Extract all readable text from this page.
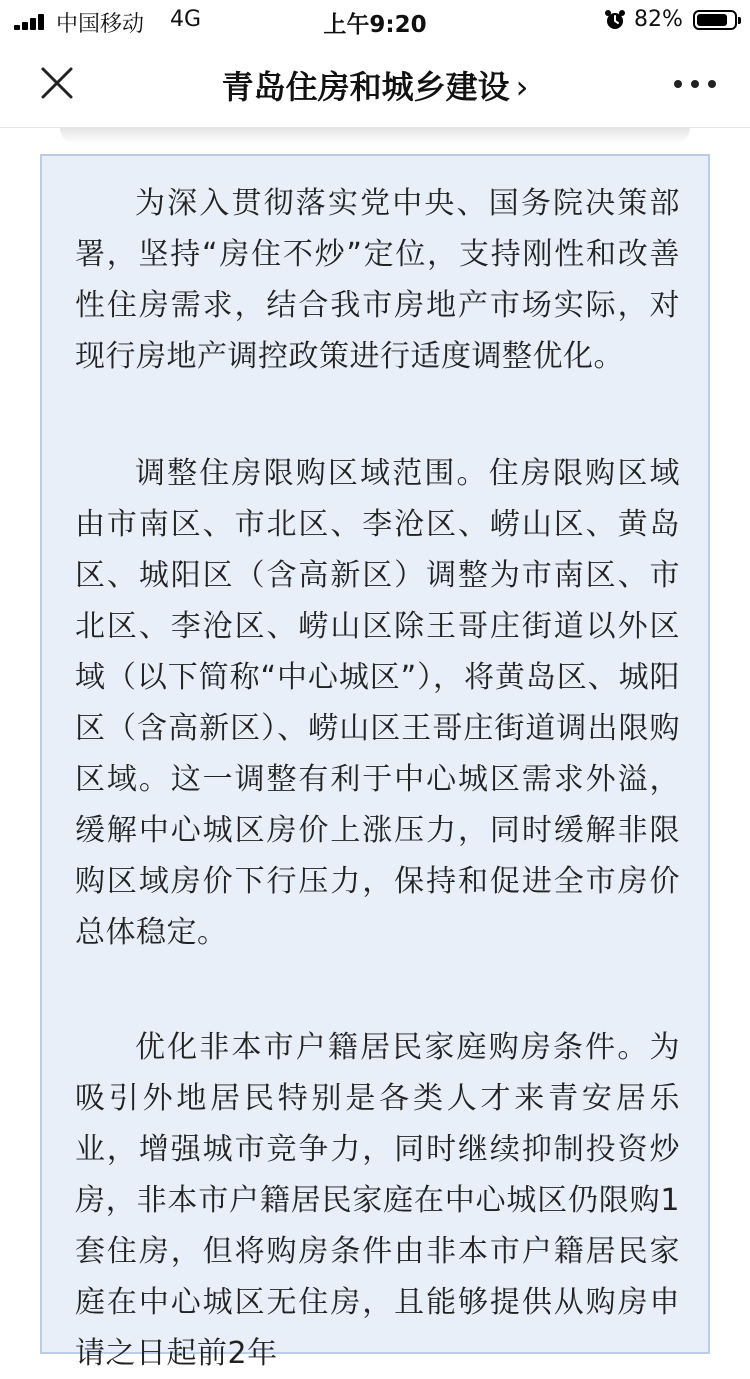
中国移动 4G	上午9:20	82%
青岛住房和城乡建设 ›

为深入贯彻落实党中央、国务院决策部署，坚持“房住不炒”定位，支持刚性和改善性住房需求，结合我市房地产市场实际，对现行房地产调控政策进行适度调整优化。

调整住房限购区域范围。住房限购区域由市南区、市北区、李沧区、崂山区、黄岛区、城阳区（含高新区）调整为市南区、市北区、李沧区、崂山区除王哥庄街道以外区域（以下简称“中心城区”），将黄岛区、城阳区（含高新区）、崂山区王哥庄街道调出限购区域。这一调整有利于中心城区需求外溢，缓解中心城区房价上涨压力，同时缓解非限购区域房价下行压力，保持和促进全市房价总体稳定。

优化非本市户籍居民家庭购房条件。为吸引外地居民特别是各类人才来青安居乐业，增强城市竞争力，同时继续抑制投资炒房，非本市户籍居民家庭在中心城区仍限购1套住房，但将购房条件由非本市户籍居民家庭在中心城区无住房，且能够提供从购房申请之日起前2年
